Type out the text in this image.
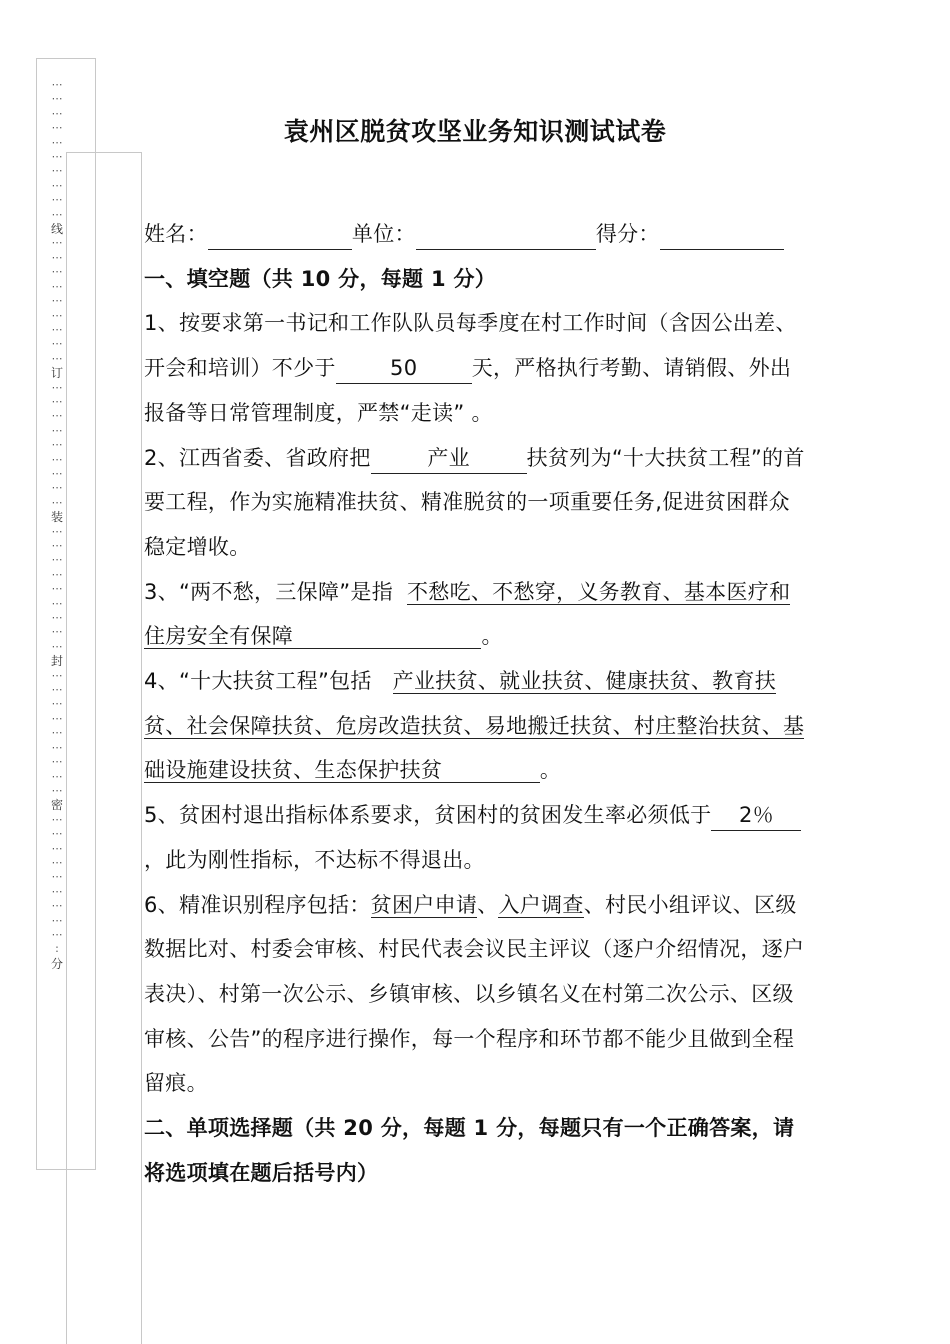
⋯
⋯
⋯
⋯
⋯
⋯
⋯
⋯
⋯
⋯
线
⋯
⋯
⋯
⋯
⋯
⋯
⋯
⋯
⋯
订
⋯
⋯
⋯
⋯
⋯
⋯
⋯
⋯
⋯
装
⋯
⋯
⋯
⋯
⋯
⋯
⋯
⋯
⋯
封
⋯
⋯
⋯
⋯
⋯
⋯
⋯
⋯
⋯
密
⋯
⋯
⋯
⋯
⋯
⋯
⋯
⋯
⋯
:
分
袁州区脱贫攻坚业务知识测试试卷

姓名：	单位：	得分：

一、填空题（共 10 分，每题 1 分）

1、按要求第一书记和工作队队员每季度在村工作时间（含因公出差、开会和培训）不少于	50	天，严格执行考勤、请销假、外出报备等日常管理制度，严禁“走读” 。

2、江西省委、省政府把	产业	扶贫列为“十大扶贫工程”的首要工程，作为实施精准扶贫、精准脱贫的一项重要任务,促进贫困群众稳定增收。

3、“两不愁，三保障”是指 不愁吃、不愁穿，义务教育、基本医疗和住房安全有保障	。

4、“十大扶贫工程”包括 产业扶贫、就业扶贫、健康扶贫、教育扶贫、社会保障扶贫、危房改造扶贫、易地搬迁扶贫、村庄整治扶贫、基础设施建设扶贫、生态保护扶贫	。

5、贫困村退出指标体系要求，贫困村的贫困发生率必须低于 2％，此为刚性指标，不达标不得退出。

6、精准识别程序包括：贫困户申请、入户调查、村民小组评议、区级数据比对、村委会审核、村民代表会议民主评议（逐户介绍情况，逐户表决）、村第一次公示、乡镇审核、以乡镇名义在村第二次公示、区级审核、公告”的程序进行操作，每一个程序和环节都不能少且做到全程留痕。

二、单项选择题（共 20 分，每题 1 分，每题只有一个正确答案，请将选项填在题后括号内）
